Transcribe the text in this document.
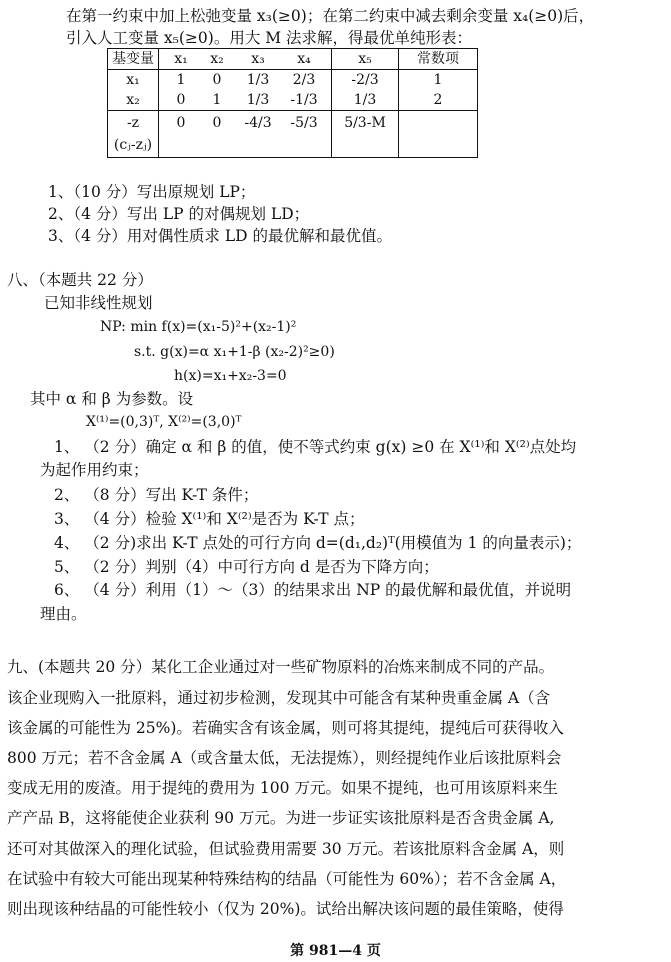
在第一约束中加上松弛变量 x₃(≥0)；在第二约束中减去剩余变量 x₄(≥0)后，
引入人工变量 x₅(≥0)。用大 M 法求解，得最优单纯形表：
基变量	x₁ x₂ x₃ x₄	x₅	常数项
x₁	1 0 1/3 2/3	-2/3	1
x₂	0 1 1/3 -1/3	1/3	2

-z
(cⱼ-zⱼ)	0 0 -4/3 -5/3	5/3-M	
1、（10 分）写出原规划 LP；
2、（4 分）写出 LP 的对偶规划 LD；
3、（4 分）用对偶性质求 LD 的最优解和最优值。
八、（本题共 22 分）
已知非线性规划
NP: min f(x)=(x₁-5)²+(x₂-1)²
s.t. g(x)=α x₁+1-β (x₂-2)²≥0)
h(x)=x₁+x₂-3=0
其中 α 和 β 为参数。设
X⁽¹⁾=(0,3)ᵀ, X⁽²⁾=(3,0)ᵀ
1、 （2 分）确定 α 和 β 的值，使不等式约束 g(x) ≥0 在 X⁽¹⁾和 X⁽²⁾点处均
为起作用约束；
2、 （8 分）写出 K-T 条件；
3、 （4 分）检验 X⁽¹⁾和 X⁽²⁾是否为 K-T 点；
4、 （2 分)求出 K-T 点处的可行方向 d=(d₁,d₂)ᵀ(用模值为 1 的向量表示)；
5、 （2 分）判别（4）中可行方向 d 是否为下降方向；
6、 （4 分）利用（1）～（3）的结果求出 NP 的最优解和最优值，并说明
理由。
九、(本题共 20 分）某化工企业通过对一些矿物原料的冶炼来制成不同的产品。
该企业现购入一批原料，通过初步检测，发现其中可能含有某种贵重金属 A（含
该金属的可能性为 25%)。若确实含有该金属，则可将其提纯，提纯后可获得收入
800 万元；若不含金属 A（或含量太低，无法提炼），则经提纯作业后该批原料会
变成无用的废渣。用于提纯的费用为 100 万元。如果不提纯，也可用该原料来生
产产品 B，这将能使企业获利 90 万元。为进一步证实该批原料是否含贵金属 A,
还可对其做深入的理化试验，但试验费用需要 30 万元。若该批原料含金属 A，则
在试验中有较大可能出现某种特殊结构的结晶（可能性为 60%）；若不含金属 A，
则出现该种结晶的可能性较小（仅为 20%)。试给出解决该问题的最佳策略，使得
第 981—4 页
